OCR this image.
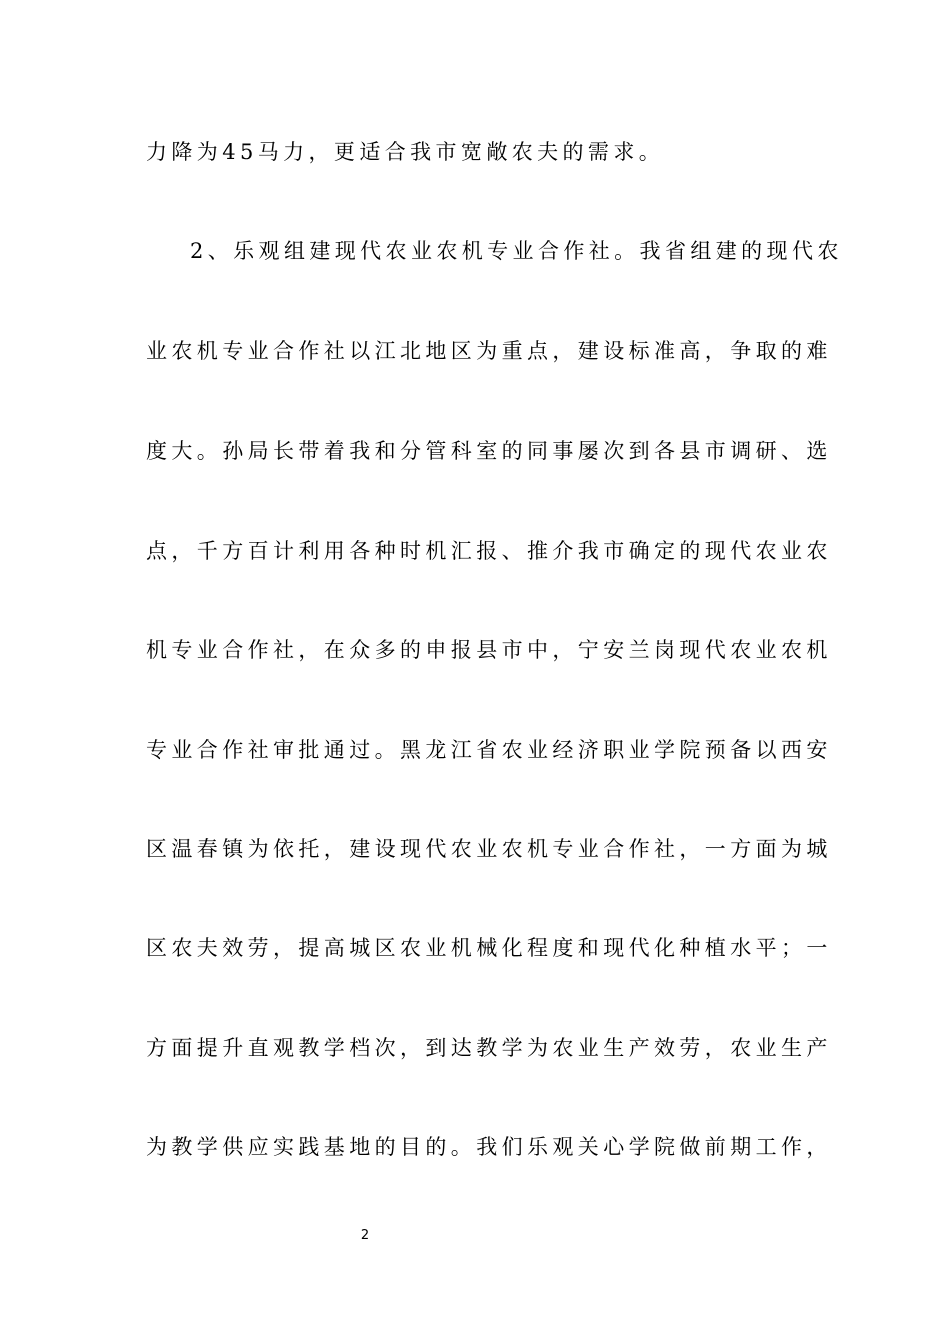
力降为45马力，更适合我市宽敞农夫的需求。
2、乐观组建现代农业农机专业合作社。我省组建的现代农
业农机专业合作社以江北地区为重点，建设标准高，争取的难
度大。孙局长带着我和分管科室的同事屡次到各县市调研、选
点，千方百计利用各种时机汇报、推介我市确定的现代农业农
机专业合作社，在众多的申报县市中，宁安兰岗现代农业农机
专业合作社审批通过。黑龙江省农业经济职业学院预备以西安
区温春镇为依托，建设现代农业农机专业合作社，一方面为城
区农夫效劳，提高城区农业机械化程度和现代化种植水平；一
方面提升直观教学档次，到达教学为农业生产效劳，农业生产
为教学供应实践基地的目的。我们乐观关心学院做前期工作，
2
